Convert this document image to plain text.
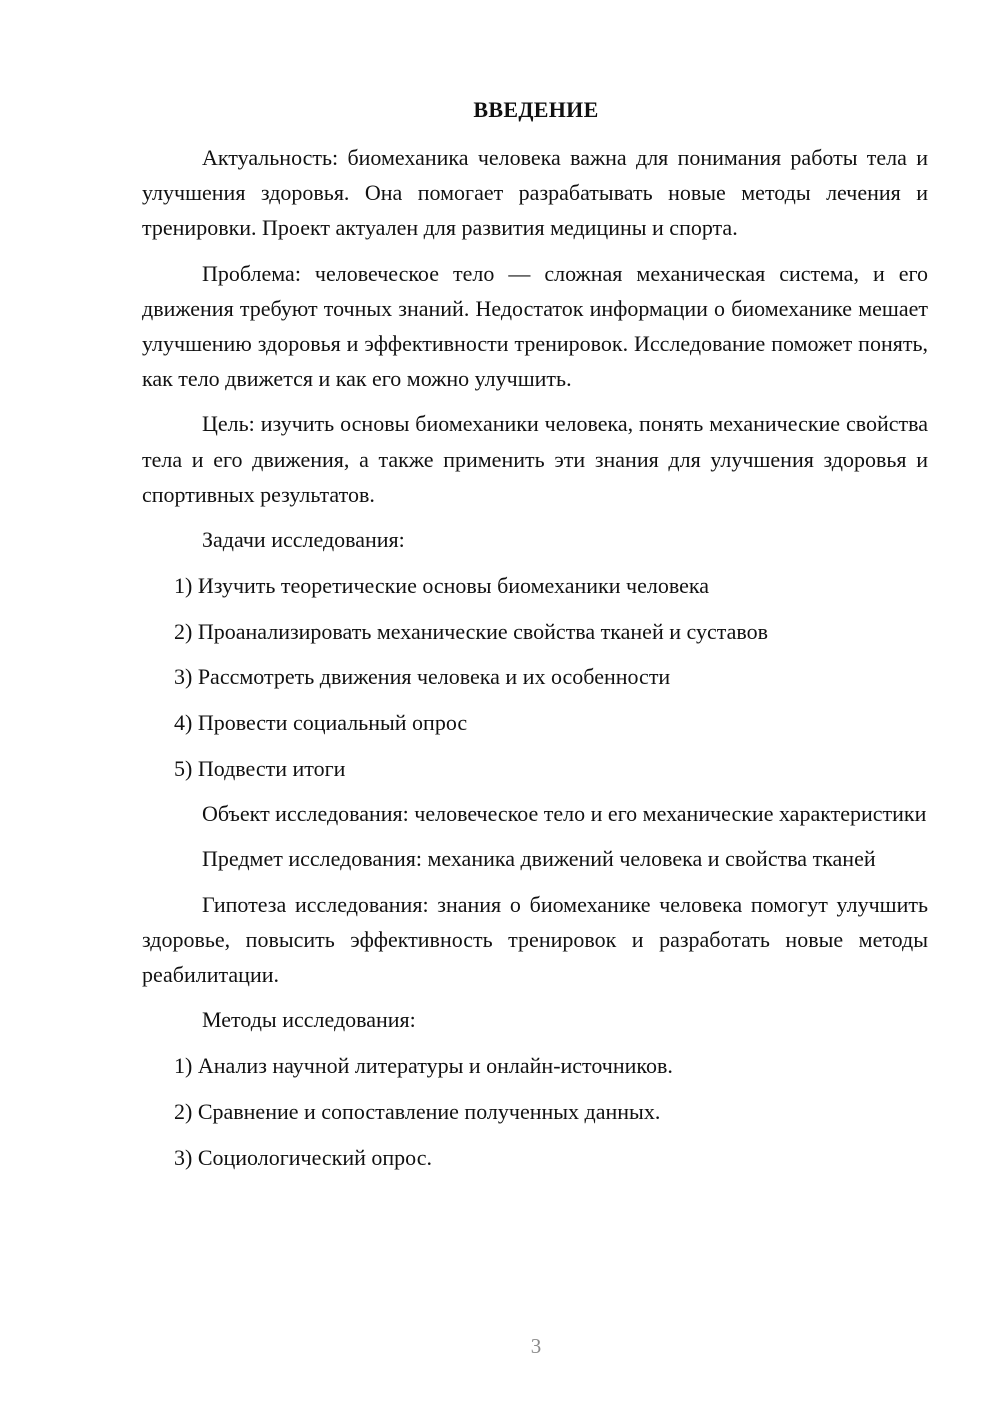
ВВЕДЕНИЕ

Актуальность: биомеханика человека важна для понимания работы тела и улучшения здоровья. Она помогает разрабатывать новые методы лечения и тренировки. Проект актуален для развития медицины и спорта.

Проблема: человеческое тело — сложная механическая система, и его движения требуют точных знаний. Недостаток информации о биомеханике мешает улучшению здоровья и эффективности тренировок. Исследование поможет понять, как тело движется и как его можно улучшить.

Цель: изучить основы биомеханики человека, понять механические свойства тела и его движения, а также применить эти знания для улучшения здоровья и спортивных результатов.

Задачи исследования:

1) Изучить теоретические основы биомеханики человека

2) Проанализировать механические свойства тканей и суставов

3) Рассмотреть движения человека и их особенности

4) Провести социальный опрос

5) Подвести итоги

Объект исследования: человеческое тело и его механические характеристики

Предмет исследования: механика движений человека и свойства тканей

Гипотеза исследования: знания о биомеханике человека помогут улучшить здоровье, повысить эффективность тренировок и разработать новые методы реабилитации.

Методы исследования:

1) Анализ научной литературы и онлайн-источников.

2) Сравнение и сопоставление полученных данных.

3) Социологический опрос.

3
